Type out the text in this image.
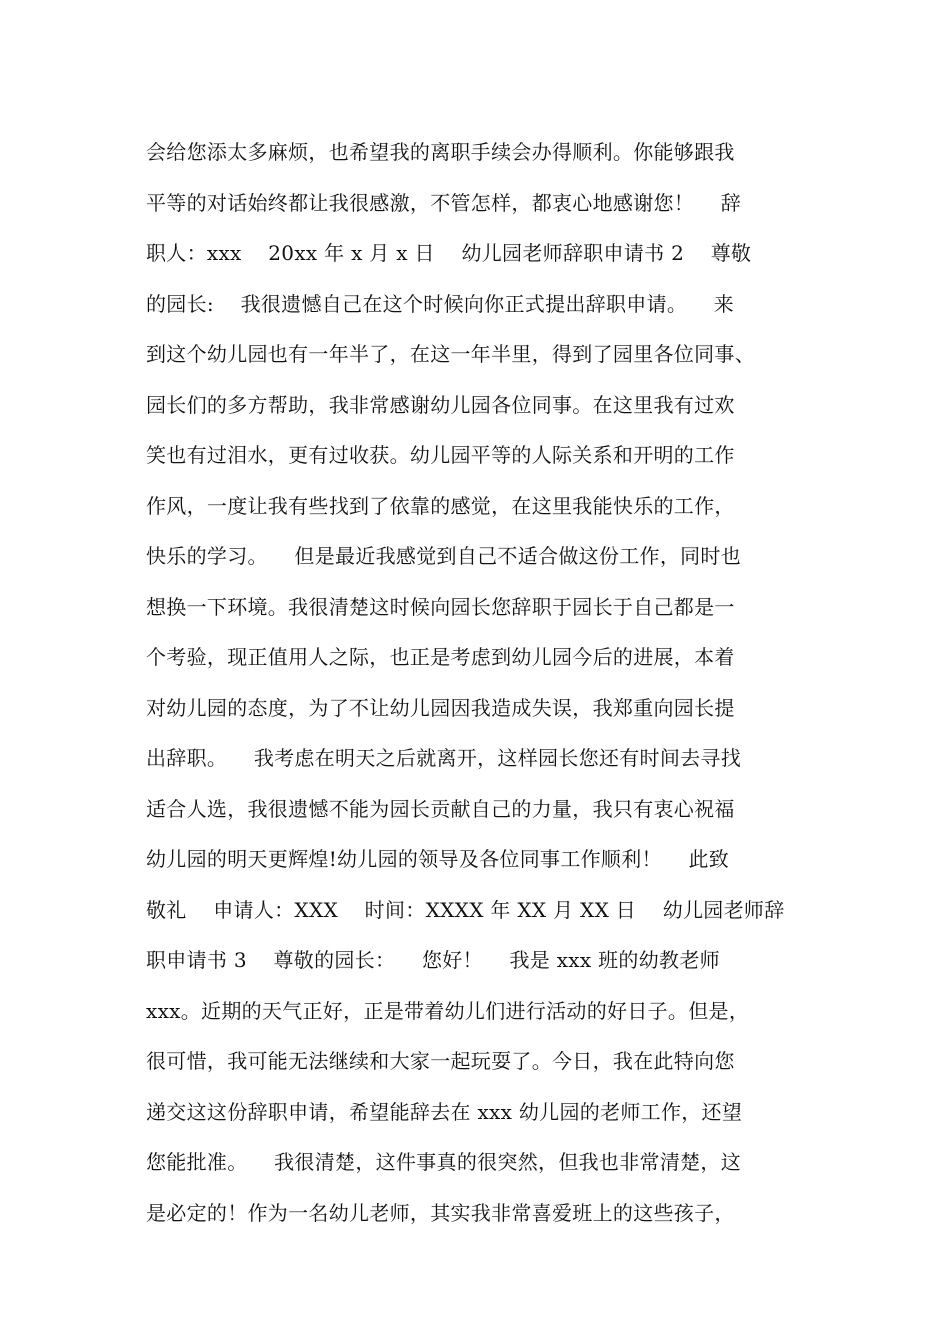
会给您添太多麻烦，也希望我的离职手续会办得顺利。你能够跟我
平等的对话始终都让我很感激，不管怎样，都衷心地感谢您！    辞
职人：xxx    20xx 年 x 月 x 日    幼儿园老师辞职申请书 2    尊敬
的园长:    我很遗憾自己在这个时候向你正式提出辞职申请。    来
到这个幼儿园也有一年半了，在这一年半里，得到了园里各位同事、
园长们的多方帮助，我非常感谢幼儿园各位同事。在这里我有过欢
笑也有过泪水，更有过收获。幼儿园平等的人际关系和开明的工作
作风，一度让我有些找到了依靠的感觉，在这里我能快乐的工作，
快乐的学习。    但是最近我感觉到自己不适合做这份工作，同时也
想换一下环境。我很清楚这时候向园长您辞职于园长于自己都是一
个考验，现正值用人之际，也正是考虑到幼儿园今后的进展，本着
对幼儿园的态度，为了不让幼儿园因我造成失误，我郑重向园长提
出辞职。    我考虑在明天之后就离开，这样园长您还有时间去寻找
适合人选，我很遗憾不能为园长贡献自己的力量，我只有衷心祝福
幼儿园的明天更辉煌!幼儿园的领导及各位同事工作顺利！    此致
敬礼    申请人：XXX    时间：XXXX 年 XX 月 XX 日    幼儿园老师辞
职申请书 3    尊敬的园长：    您好！    我是 xxx 班的幼教老师
xxx。近期的天气正好，正是带着幼儿们进行活动的好日子。但是，
很可惜，我可能无法继续和大家一起玩耍了。今日，我在此特向您
递交这这份辞职申请，希望能辞去在 xxx 幼儿园的老师工作，还望
您能批准。    我很清楚，这件事真的很突然，但我也非常清楚，这
是必定的！作为一名幼儿老师，其实我非常喜爱班上的这些孩子，
